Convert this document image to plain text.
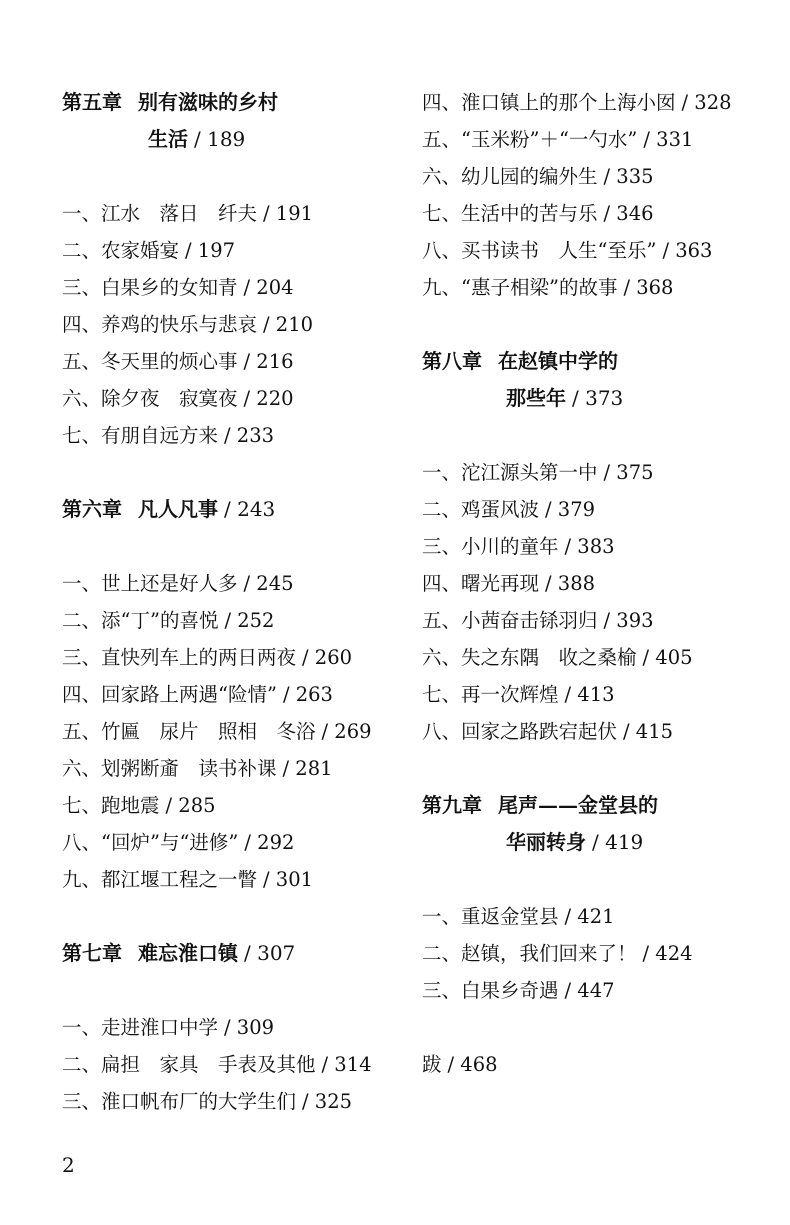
第五章 别有滋味的乡村
生活 / 189
一、江水　落日　纤夫 / 191
二、农家婚宴 / 197
三、白果乡的女知青 / 204
四、养鸡的快乐与悲哀 / 210
五、冬天里的烦心事 / 216
六、除夕夜　寂寞夜 / 220
七、有朋自远方来 / 233
第六章 凡人凡事 / 243
一、世上还是好人多 / 245
二、添“丁”的喜悦 / 252
三、直快列车上的两日两夜 / 260
四、回家路上两遇“险情” / 263
五、竹匾　尿片　照相　冬浴 / 269
六、划粥断齑　读书补课 / 281
七、跑地震 / 285
八、“回炉”与“进修” / 292
九、都江堰工程之一瞥 / 301
第七章 难忘淮口镇 / 307
一、走进淮口中学 / 309
二、扁担　家具　手表及其他 / 314
三、淮口帆布厂的大学生们 / 325
四、淮口镇上的那个上海小囡 / 328
五、“玉米粉”＋“一勺水” / 331
六、幼儿园的编外生 / 335
七、生活中的苦与乐 / 346
八、买书读书　人生“至乐” / 363
九、“惠子相梁”的故事 / 368
第八章 在赵镇中学的
那些年 / 373
一、沱江源头第一中 / 375
二、鸡蛋风波 / 379
三、小川的童年 / 383
四、曙光再现 / 388
五、小茜奋击铩羽归 / 393
六、失之东隅　收之桑榆 / 405
七、再一次辉煌 / 413
八、回家之路跌宕起伏 / 415
第九章 尾声——金堂县的
华丽转身 / 419
一、重返金堂县 / 421
二、赵镇，我们回来了！ / 424
三、白果乡奇遇 / 447
跋 / 468
2
